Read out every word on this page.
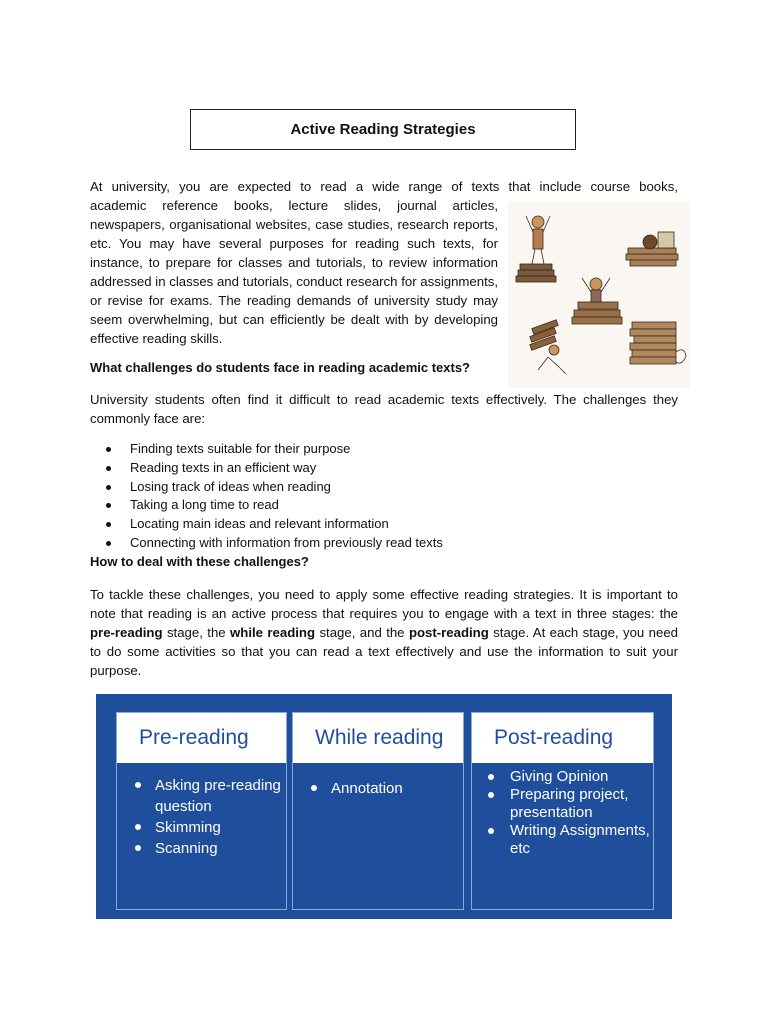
Active Reading Strategies
At university, you are expected to read a wide range of texts that include course books,
academic reference books, lecture slides, journal articles, newspapers, organisational websites, case studies, research reports, etc. You may have several purposes for reading such texts, for instance, to prepare for classes and tutorials, to review information addressed in classes and tutorials, conduct research for assignments, or revise for exams. The reading demands of university study may seem overwhelming, but can efficiently be dealt with by developing effective reading skills.
What challenges do students face in reading academic texts?
University students often find it difficult to read academic texts effectively. The challenges they commonly face are:
Finding texts suitable for their purpose
Reading texts in an efficient way
Losing track of ideas when reading
Taking a long time to read
Locating main ideas and relevant information
Connecting with information from previously read texts
How to deal with these challenges?
To tackle these challenges, you need to apply some effective reading strategies. It is important to note that reading is an active process that requires you to engage with a text in three stages: the pre-reading stage, the while reading stage, and the post-reading stage. At each stage, you need to do some activities so that you can read a text effectively and use the information to suit your purpose.
Pre-reading
Asking pre-reading question
Skimming
Scanning
While reading
Annotation
Post-reading
Giving Opinion
Preparing project, presentation
Writing Assignments, etc
